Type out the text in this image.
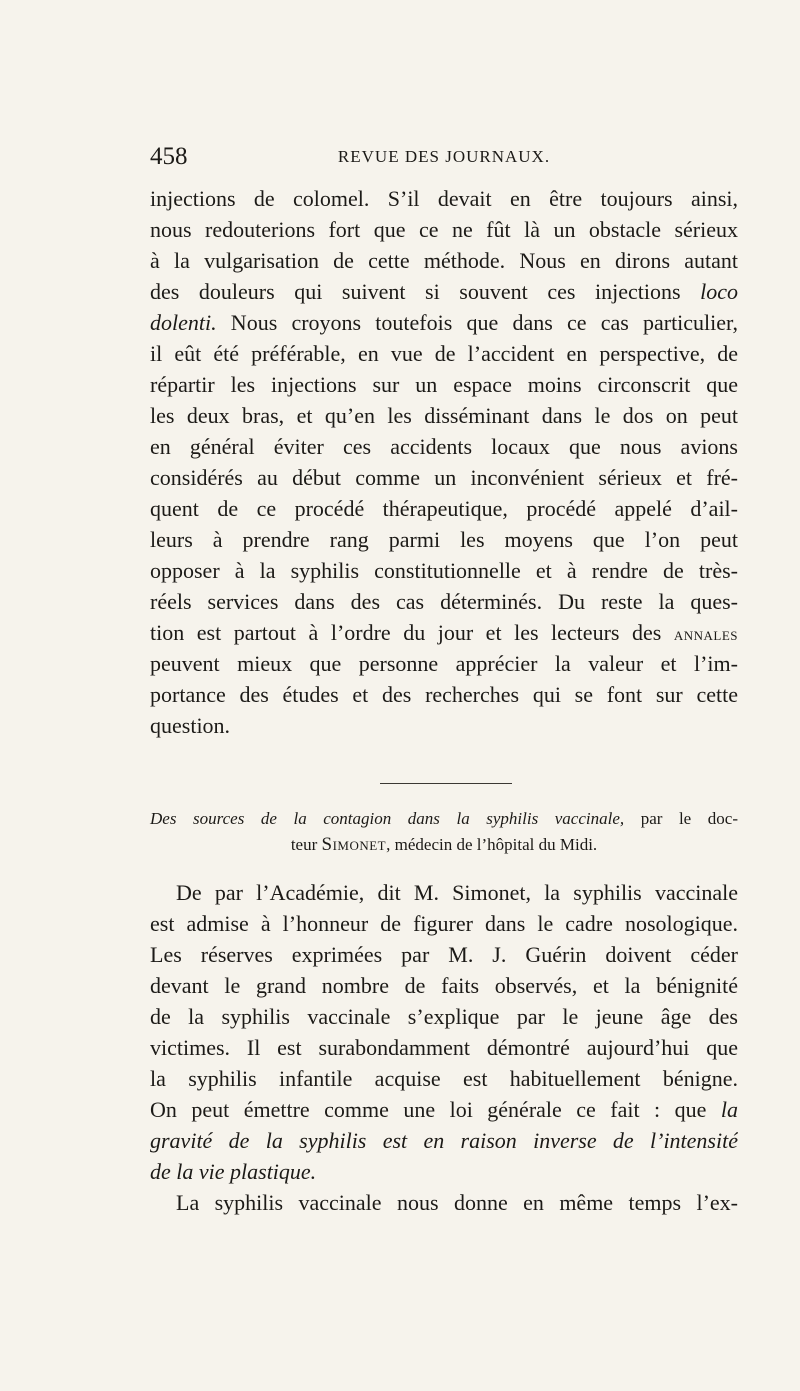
458	REVUE DES JOURNAUX.
injections de colomel. S’il devait en être toujours ainsi,
nous redouterions fort que ce ne fût là un obstacle sérieux
à la vulgarisation de cette méthode. Nous en dirons autant
des douleurs qui suivent si souvent ces injections loco
dolenti. Nous croyons toutefois que dans ce cas particulier,
il eût été préférable, en vue de l’accident en perspective, de
répartir les injections sur un espace moins circonscrit que
les deux bras, et qu’en les disséminant dans le dos on peut
en général éviter ces accidents locaux que nous avions
considérés au début comme un inconvénient sérieux et fré-
quent de ce procédé thérapeutique, procédé appelé d’ail-
leurs à prendre rang parmi les moyens que l’on peut
opposer à la syphilis constitutionnelle et à rendre de très-
réels services dans des cas déterminés. Du reste la ques-
tion est partout à l’ordre du jour et les lecteurs des annales
peuvent mieux que personne apprécier la valeur et l’im-
portance des études et des recherches qui se font sur cette
question.
Des sources de la contagion dans la syphilis vaccinale, par le doc-
teur Simonet, médecin de l’hôpital du Midi.
De par l’Académie, dit M. Simonet, la syphilis vaccinale
est admise à l’honneur de figurer dans le cadre nosologique.
Les réserves exprimées par M. J. Guérin doivent céder
devant le grand nombre de faits observés, et la bénignité
de la syphilis vaccinale s’explique par le jeune âge des
victimes. Il est surabondamment démontré aujourd’hui que
la syphilis infantile acquise est habituellement bénigne.
On peut émettre comme une loi générale ce fait : que la
gravité de la syphilis est en raison inverse de l’intensité
de la vie plastique.
La syphilis vaccinale nous donne en même temps l’ex-
